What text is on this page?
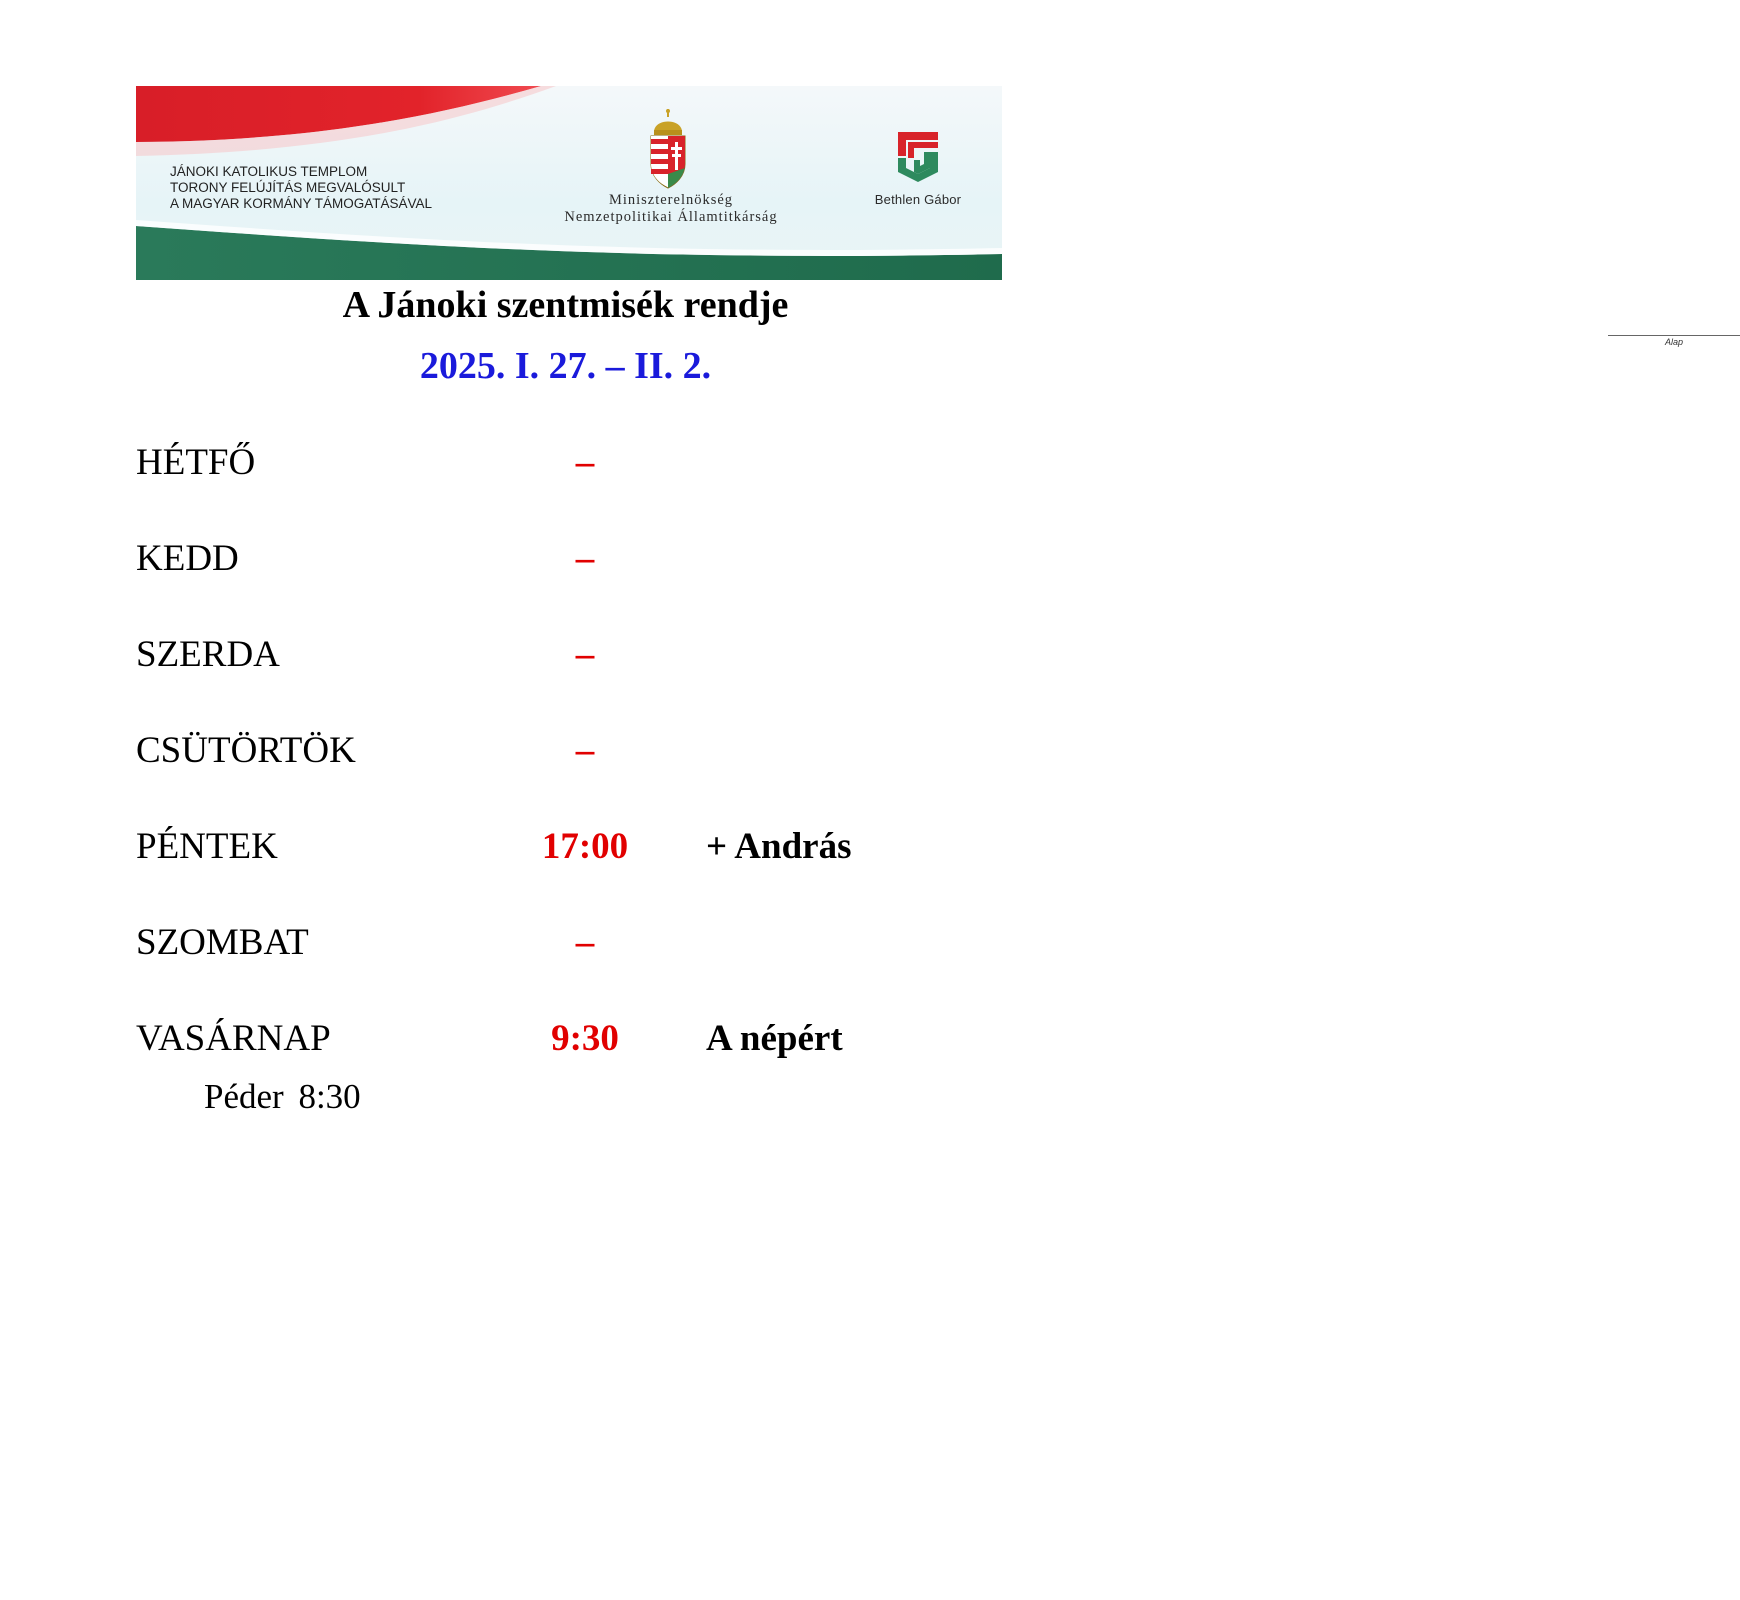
JÁNOKI KATOLIKUS TEMPLOM
TORONY FELÚJÍTÁS MEGVALÓSULT
A MAGYAR KORMÁNY TÁMOGATÁSÁVAL	Miniszterelnökség
Nemzetpolitikai Államtitkárság
Bethlen Gábor
Alap
A Jánoki szentmisék rendje
2025. I. 27. – II. 2.
HÉTFŐ	–
KEDD	–
SZERDA	–
CSÜTÖRTÖK	–
PÉNTEK	17:00	+ András
SZOMBAT	–
VASÁRNAP	9:30	A népért
Péder 8:30
